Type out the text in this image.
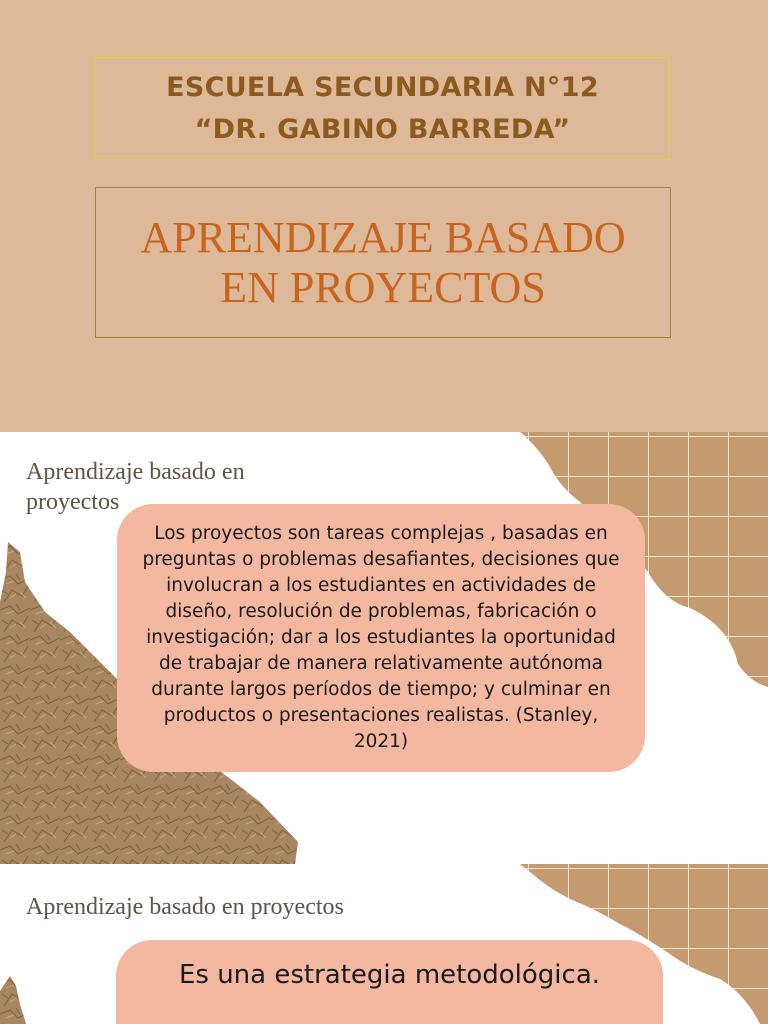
ESCUELA SECUNDARIA N°12
“DR. GABINO BARREDA”
APRENDIZAJE BASADO
EN PROYECTOS
Aprendizaje basado en
proyectos
Los proyectos son tareas complejas , basadas en preguntas o problemas desafiantes, decisiones que involucran a los estudiantes en actividades de diseño, resolución de problemas, fabricación o investigación; dar a los estudiantes la oportunidad de trabajar de manera relativamente autónoma durante largos períodos de tiempo; y culminar en productos o presentaciones realistas. (Stanley, 2021)
Aprendizaje basado en proyectos
Es una estrategia metodológica.
